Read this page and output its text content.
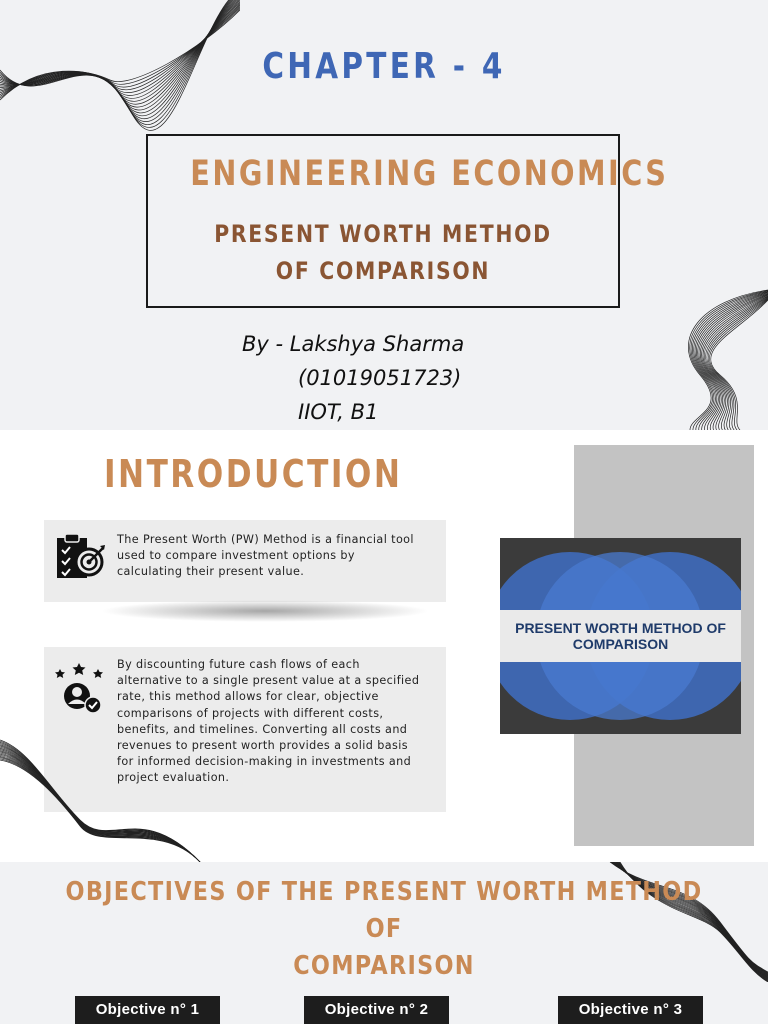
CHAPTER - 4
ENGINEERING ECONOMICS
PRESENT WORTH METHOD
OF COMPARISON
By - Lakshya Sharma
(01019051723)
IIOT, B1
INTRODUCTION

The Present Worth (PW) Method is a financial tool used to compare investment options by calculating their present value.

By discounting future cash flows of each alternative to a single present value at a specified rate, this method allows for clear, objective comparisons of projects with different costs, benefits, and timelines. Converting all costs and revenues to present worth provides a solid basis for informed decision-making in investments and project evaluation.

PRESENT WORTH METHOD OF
COMPARISON
OBJECTIVES OF THE PRESENT WORTH METHOD OF
COMPARISON
Objective n° 1	Objective n° 2	Objective n° 3
